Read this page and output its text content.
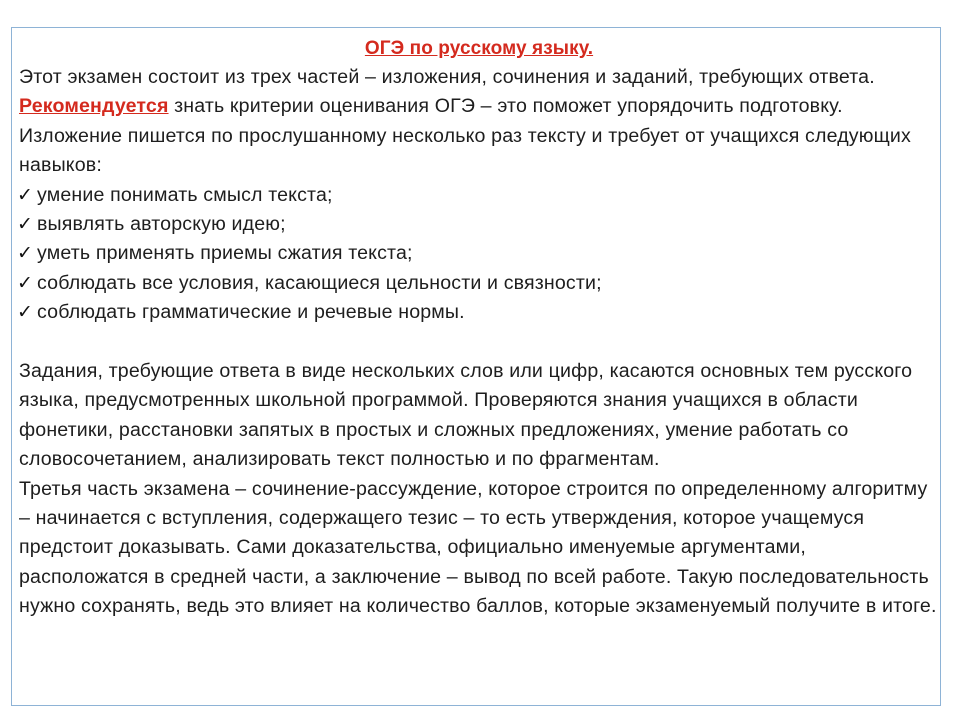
ОГЭ по русскому языку.

Этот экзамен состоит из трех частей – изложения, сочинения и заданий, требующих ответа. Рекомендуется знать критерии оценивания ОГЭ – это поможет упорядочить подготовку. Изложение пишется по прослушанному несколько раз тексту и требует от учащихся следующих навыков:

✓ умение понимать смысл текста;
✓ выявлять авторскую идею;
✓ уметь применять приемы сжатия текста;
✓ соблюдать все условия, касающиеся цельности и связности;
✓ соблюдать грамматические и речевые нормы.

Задания, требующие ответа в виде нескольких слов или цифр, касаются основных тем русского языка, предусмотренных школьной программой. Проверяются знания учащихся в области фонетики, расстановки запятых в простых и сложных предложениях, умение работать со словосочетанием, анализировать текст полностью и по фрагментам.

Третья часть экзамена – сочинение-рассуждение, которое строится по определенному алгоритму – начинается с вступления, содержащего тезис – то есть утверждения, которое учащемуся предстоит доказывать. Сами доказательства, официально именуемые аргументами, расположатся в средней части, а заключение – вывод по всей работе. Такую последовательность нужно сохранять, ведь это влияет на количество баллов, которые экзаменуемый получите в итоге.
